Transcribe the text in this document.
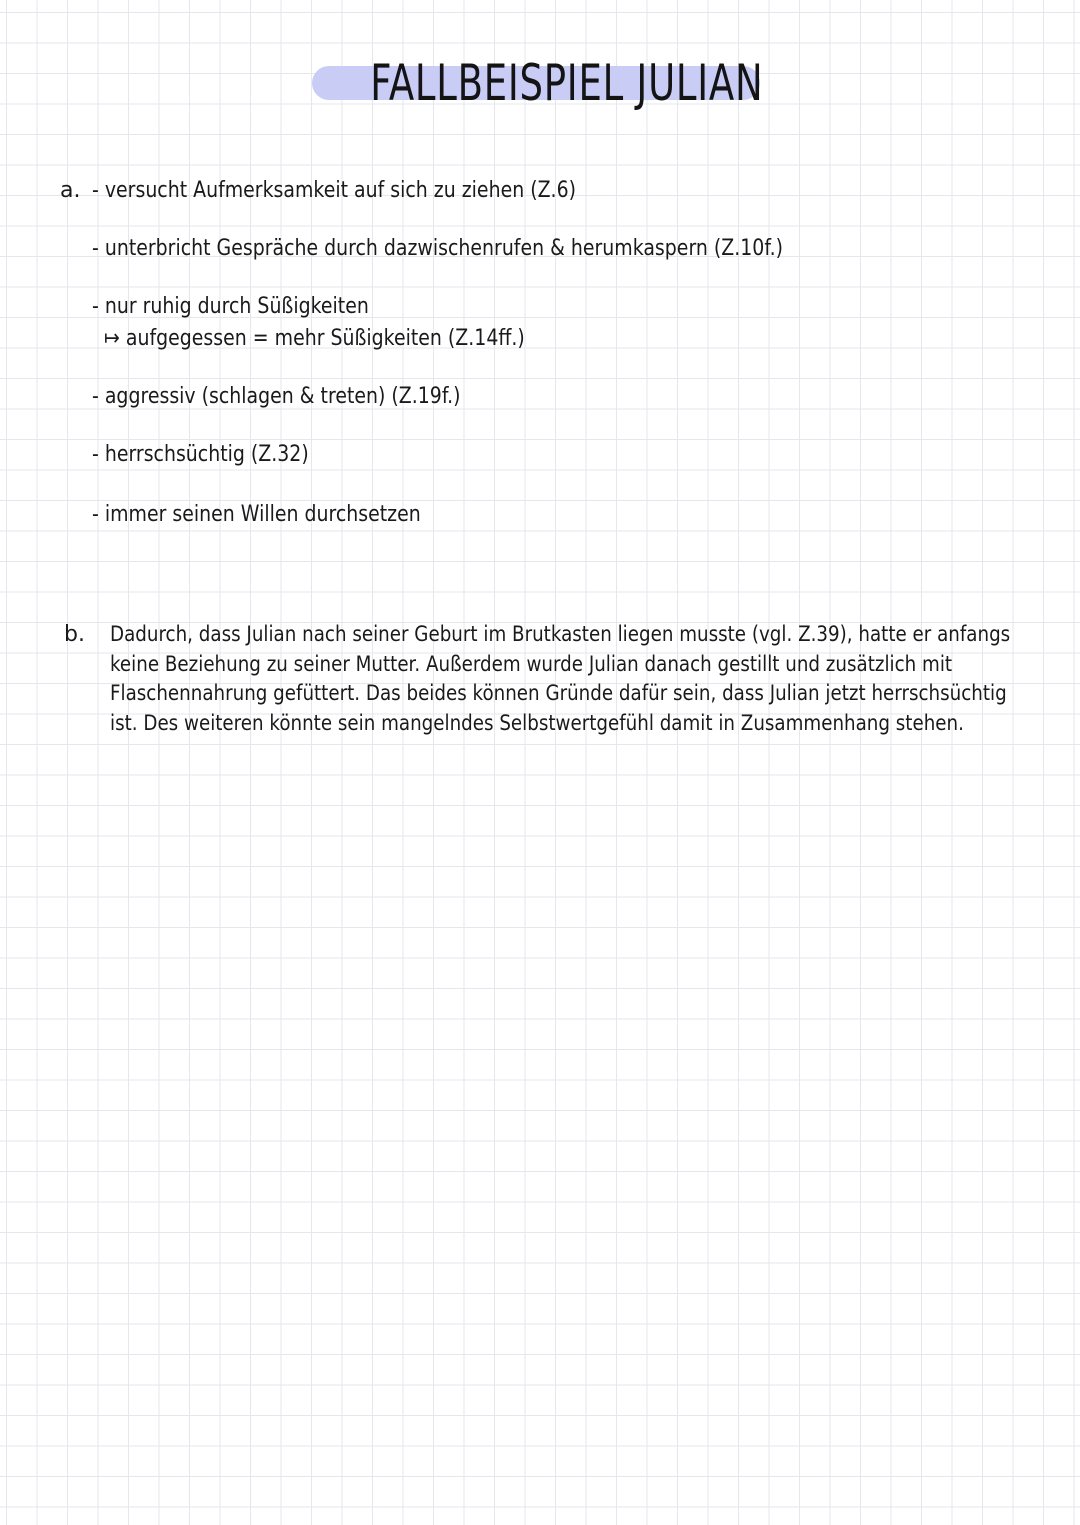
FALLBEISPIEL JULIAN
a. - versucht Aufmerksamkeit auf sich zu ziehen (Z.6)
- unterbricht Gespräche durch dazwischenrufen & herumkaspern (Z.10f.)
- nur ruhig durch Süßigkeiten
↦ aufgegessen = mehr Süßigkeiten (Z.14ff.)
- aggressiv (schlagen & treten) (Z.19f.)
- herrschsüchtig (Z.32)
- immer seinen Willen durchsetzen
b. Dadurch, dass Julian nach seiner Geburt im Brutkasten liegen musste (vgl. Z.39), hatte er anfangs keine Beziehung zu seiner Mutter. Außerdem wurde Julian danach gestillt und zusätzlich mit Flaschennahrung gefüttert. Das beides können Gründe dafür sein, dass Julian jetzt herrschsüchtig ist. Des weiteren könnte sein mangelndes Selbstwertgefühl damit in Zusammenhang stehen.
